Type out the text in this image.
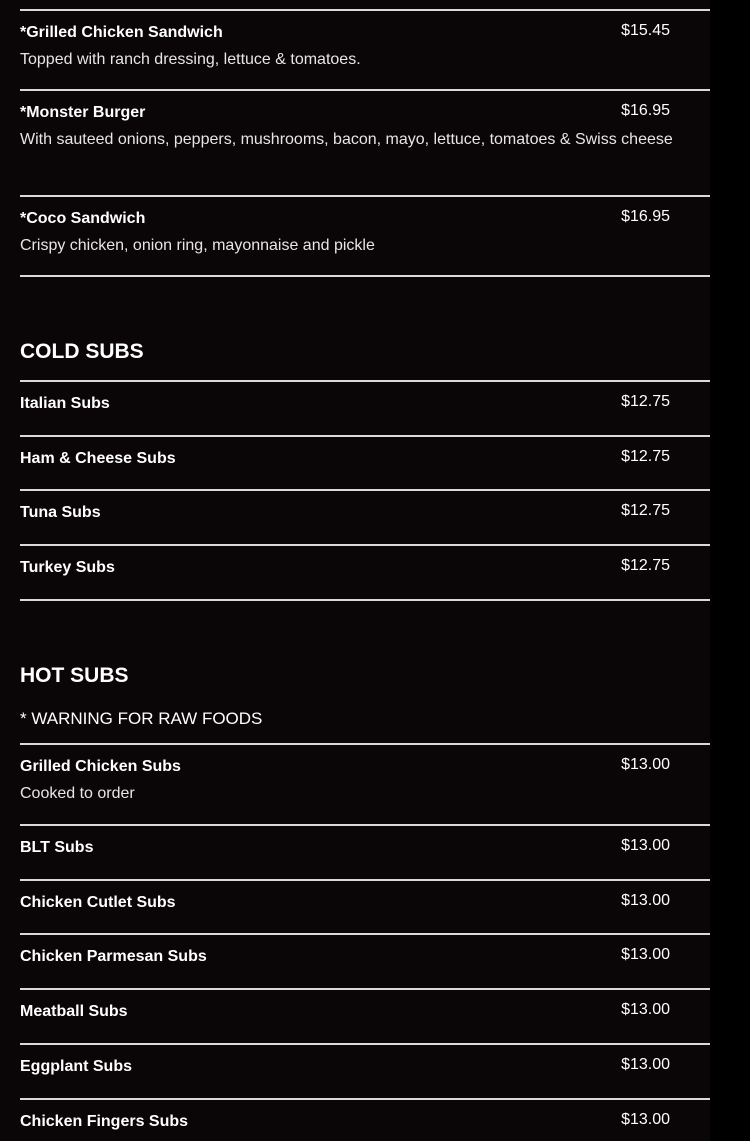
*Grilled Chicken Sandwich	$15.45
Topped with ranch dressing, lettuce & tomatoes.
*Monster Burger	$16.95
With sauteed onions, peppers, mushrooms, bacon, mayo, lettuce, tomatoes & Swiss cheese
*Coco Sandwich	$16.95
Crispy chicken, onion ring, mayonnaise and pickle
COLD SUBS
Italian Subs	$12.75
Ham & Cheese Subs	$12.75
Tuna Subs	$12.75
Turkey Subs	$12.75
HOT SUBS
* WARNING FOR RAW FOODS
Grilled Chicken Subs	$13.00
Cooked to order
BLT Subs	$13.00
Chicken Cutlet Subs	$13.00
Chicken Parmesan Subs	$13.00
Meatball Subs	$13.00
Eggplant Subs	$13.00
Chicken Fingers Subs	$13.00
